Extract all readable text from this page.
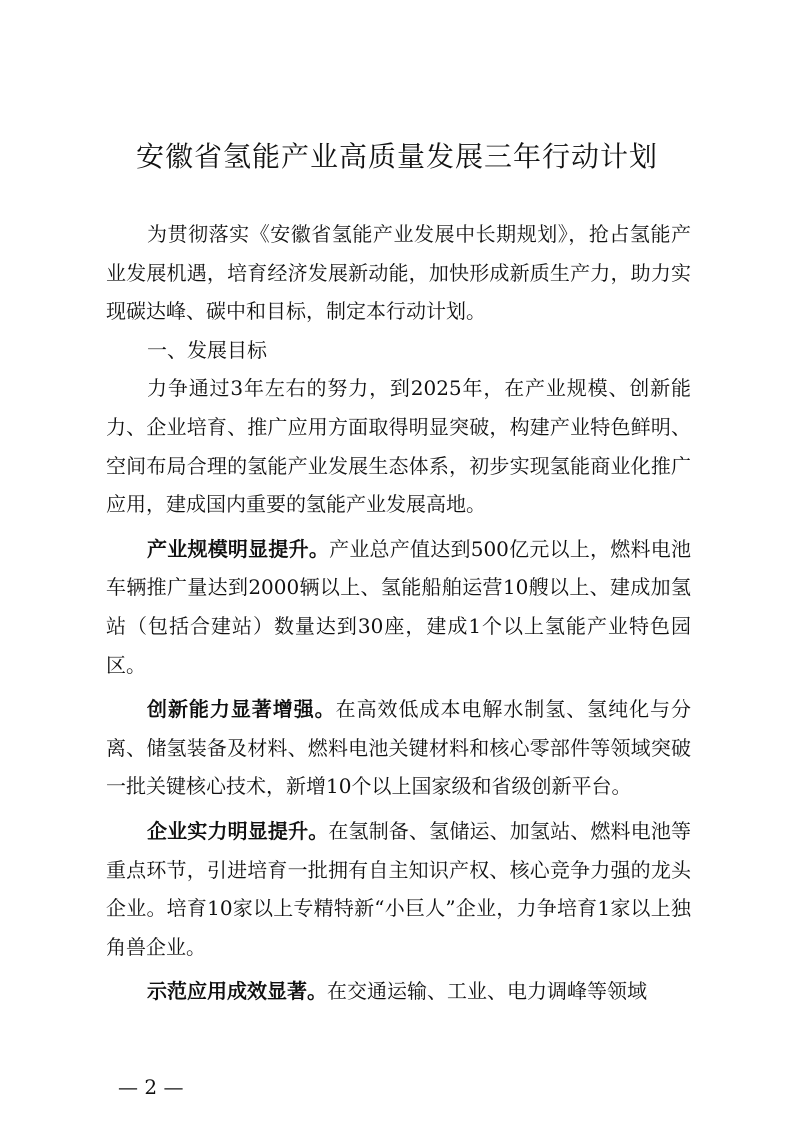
安徽省氢能产业高质量发展三年行动计划

为贯彻落实《安徽省氢能产业发展中长期规划》，抢占氢能产业发展机遇，培育经济发展新动能，加快形成新质生产力，助力实现碳达峰、碳中和目标，制定本行动计划。

一、发展目标

力争通过3年左右的努力，到2025年，在产业规模、创新能力、企业培育、推广应用方面取得明显突破，构建产业特色鲜明、空间布局合理的氢能产业发展生态体系，初步实现氢能商业化推广应用，建成国内重要的氢能产业发展高地。

产业规模明显提升。产业总产值达到500亿元以上，燃料电池车辆推广量达到2000辆以上、氢能船舶运营10艘以上、建成加氢站（包括合建站）数量达到30座，建成1个以上氢能产业特色园区。

创新能力显著增强。在高效低成本电解水制氢、氢纯化与分离、储氢装备及材料、燃料电池关键材料和核心零部件等领域突破一批关键核心技术，新增10个以上国家级和省级创新平台。

企业实力明显提升。在氢制备、氢储运、加氢站、燃料电池等重点环节，引进培育一批拥有自主知识产权、核心竞争力强的龙头企业。培育10家以上专精特新“小巨人”企业，力争培育1家以上独角兽企业。

示范应用成效显著。在交通运输、工业、电力调峰等领域

— 2 —
